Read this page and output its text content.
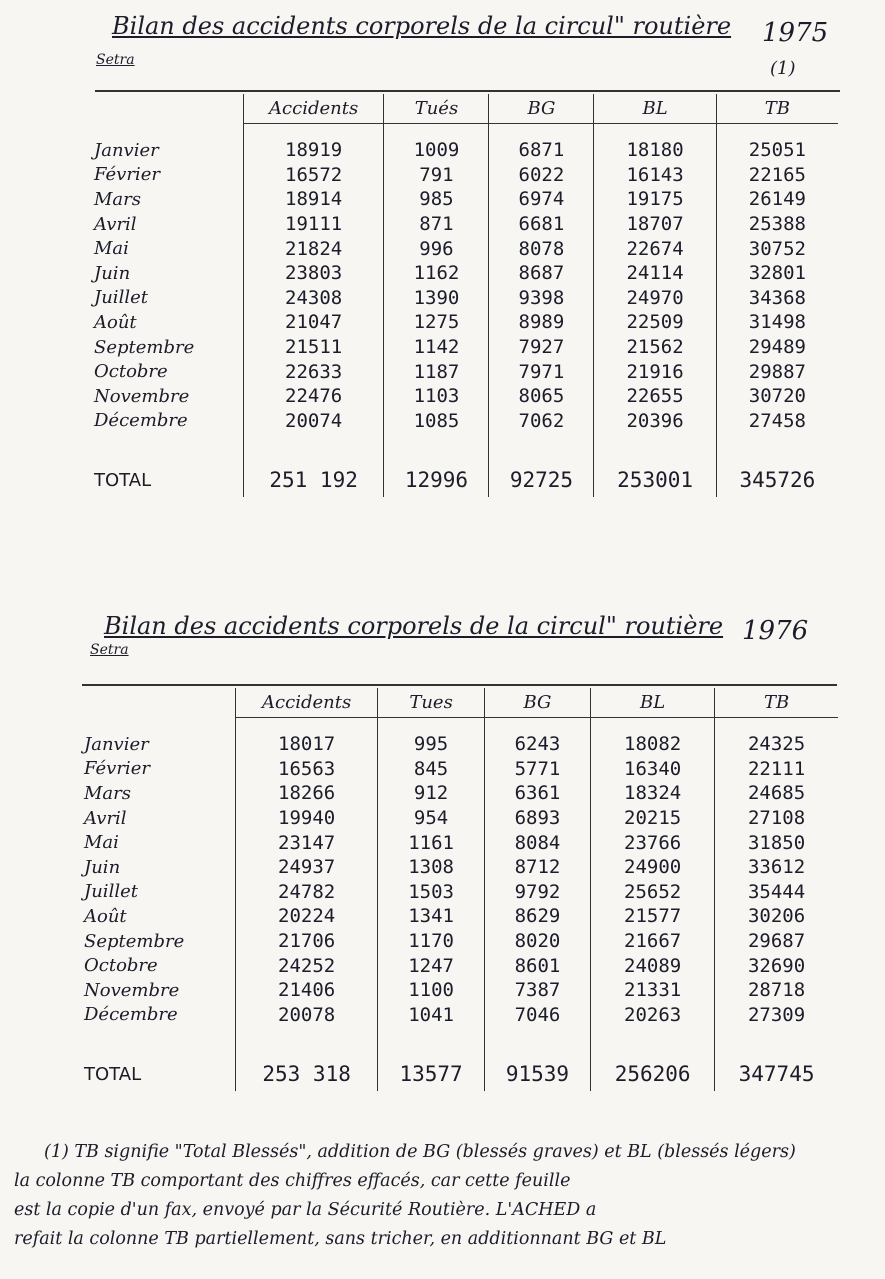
Bilan des accidents corporels de la circul" routière 1975
(1)
Setra
	Accidents	Tués	BG	BL	TB

Janvier	18919	1009	6871	18180	25051
Février	16572	791	6022	16143	22165
Mars	18914	985	6974	19175	26149
Avril	19111	871	6681	18707	25388
Mai	21824	996	8078	22674	30752
Juin	23803	1162	8687	24114	32801
Juillet	24308	1390	9398	24970	34368
Août	21047	1275	8989	22509	31498
Septembre	21511	1142	7927	21562	29489
Octobre	22633	1187	7971	21916	29887
Novembre	22476	1103	8065	22655	30720
Décembre	20074	1085	7062	20396	27458

TOTAL	251 192	12996	92725	253001	345726
Bilan des accidents corporels de la circul" routière 1976
Setra
	Accidents	Tues	BG	BL	TB

Janvier	18017	995	6243	18082	24325
Février	16563	845	5771	16340	22111
Mars	18266	912	6361	18324	24685
Avril	19940	954	6893	20215	27108
Mai	23147	1161	8084	23766	31850
Juin	24937	1308	8712	24900	33612
Juillet	24782	1503	9792	25652	35444
Août	20224	1341	8629	21577	30206
Septembre	21706	1170	8020	21667	29687
Octobre	24252	1247	8601	24089	32690
Novembre	21406	1100	7387	21331	28718
Décembre	20078	1041	7046	20263	27309

TOTAL	253 318	13577	91539	256206	347745
(1) TB signifie "Total Blessés", addition de BG (blessés graves) et BL (blessés légers)
la colonne TB comportant des chiffres effacés, car cette feuille
est la copie d'un fax, envoyé par la Sécurité Routière. L'ACHED a
refait la colonne TB partiellement, sans tricher, en additionnant BG et BL
